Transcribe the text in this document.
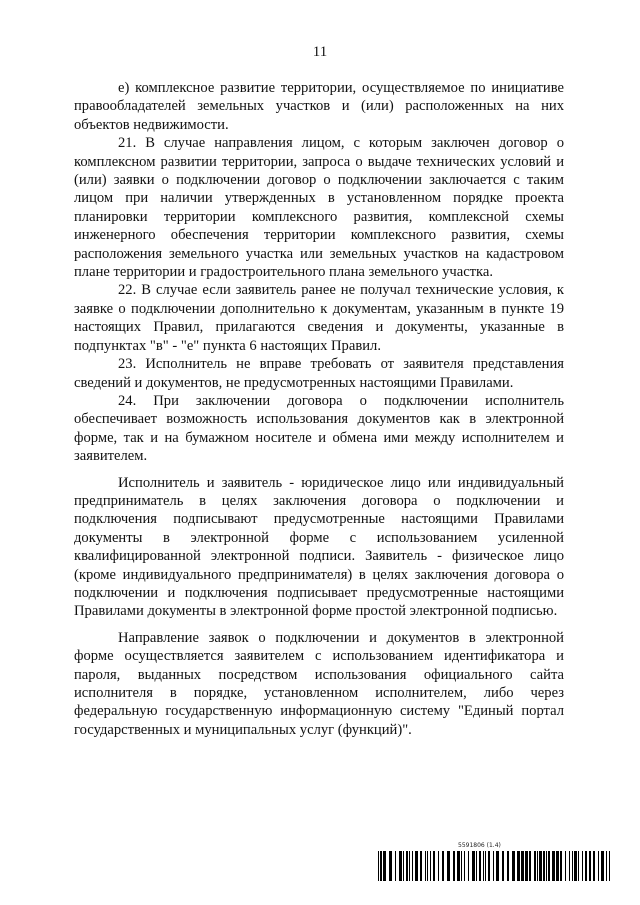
11

е) комплексное развитие территории, осуществляемое по инициативе правообладателей земельных участков и (или) расположенных на них объектов недвижимости.

21. В случае направления лицом, с которым заключен договор о комплексном развитии территории, запроса о выдаче технических условий и (или) заявки о подключении договор о подключении заключается с таким лицом при наличии утвержденных в установленном порядке проекта планировки территории комплексного развития, комплексной схемы инженерного обеспечения территории комплексного развития, схемы расположения земельного участка или земельных участков на кадастровом плане территории и градостроительного плана земельного участка.

22. В случае если заявитель ранее не получал технические условия, к заявке о подключении дополнительно к документам, указанным в пункте 19 настоящих Правил, прилагаются сведения и документы, указанные в подпунктах "в" - "е" пункта 6 настоящих Правил.

23. Исполнитель не вправе требовать от заявителя представления сведений и документов, не предусмотренных настоящими Правилами.

24. При заключении договора о подключении исполнитель обеспечивает возможность использования документов как в электронной форме, так и на бумажном носителе и обмена ими между исполнителем и заявителем.

Исполнитель и заявитель - юридическое лицо или индивидуальный предприниматель в целях заключения договора о подключении и подключения подписывают предусмотренные настоящими Правилами документы в электронной форме с использованием усиленной квалифицированной электронной подписи. Заявитель - физическое лицо (кроме индивидуального предпринимателя) в целях заключения договора о подключении и подключения подписывает предусмотренные настоящими Правилами документы в электронной форме простой электронной подписью.

Направление заявок о подключении и документов в электронной форме осуществляется заявителем с использованием идентификатора и пароля, выданных посредством использования официального сайта исполнителя в порядке, установленном исполнителем, либо через федеральную государственную информационную систему "Единый портал государственных и муниципальных услуг (функций)".

5591806 (1.4)
